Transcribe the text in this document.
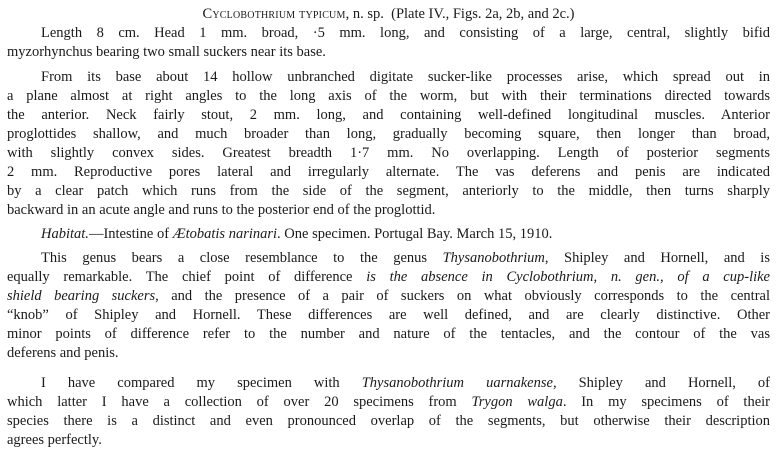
Cyclobothrium typicum, n. sp. (Plate IV., Figs. 2a, 2b, and 2c.)
Length 8 cm. Head 1 mm. broad, ·5 mm. long, and consisting of a large, central, slightly bifid
myzorhynchus bearing two small suckers near its base.
From its base about 14 hollow unbranched digitate sucker-like processes arise, which spread out in
a plane almost at right angles to the long axis of the worm, but with their terminations directed towards
the anterior. Neck fairly stout, 2 mm. long, and containing well-defined longitudinal muscles. Anterior
proglottides shallow, and much broader than long, gradually becoming square, then longer than broad,
with slightly convex sides. Greatest breadth 1·7 mm. No overlapping. Length of posterior segments
2 mm. Reproductive pores lateral and irregularly alternate. The vas deferens and penis are indicated
by a clear patch which runs from the side of the segment, anteriorly to the middle, then turns sharply
backward in an acute angle and runs to the posterior end of the proglottid.
Habitat.—Intestine of Ætobatis narinari. One specimen. Portugal Bay. March 15, 1910.
This genus bears a close resemblance to the genus Thysanobothrium, Shipley and Hornell, and is
equally remarkable. The chief point of difference is the absence in Cyclobothrium, n. gen., of a cup-like
shield bearing suckers, and the presence of a pair of suckers on what obviously corresponds to the central
“knob” of Shipley and Hornell. These differences are well defined, and are clearly distinctive. Other
minor points of difference refer to the number and nature of the tentacles, and the contour of the vas
deferens and penis.
I have compared my specimen with Thysanobothrium uarnakense, Shipley and Hornell, of
which latter I have a collection of over 20 specimens from Trygon walga. In my specimens of their
species there is a distinct and even pronounced overlap of the segments, but otherwise their description
agrees perfectly.
